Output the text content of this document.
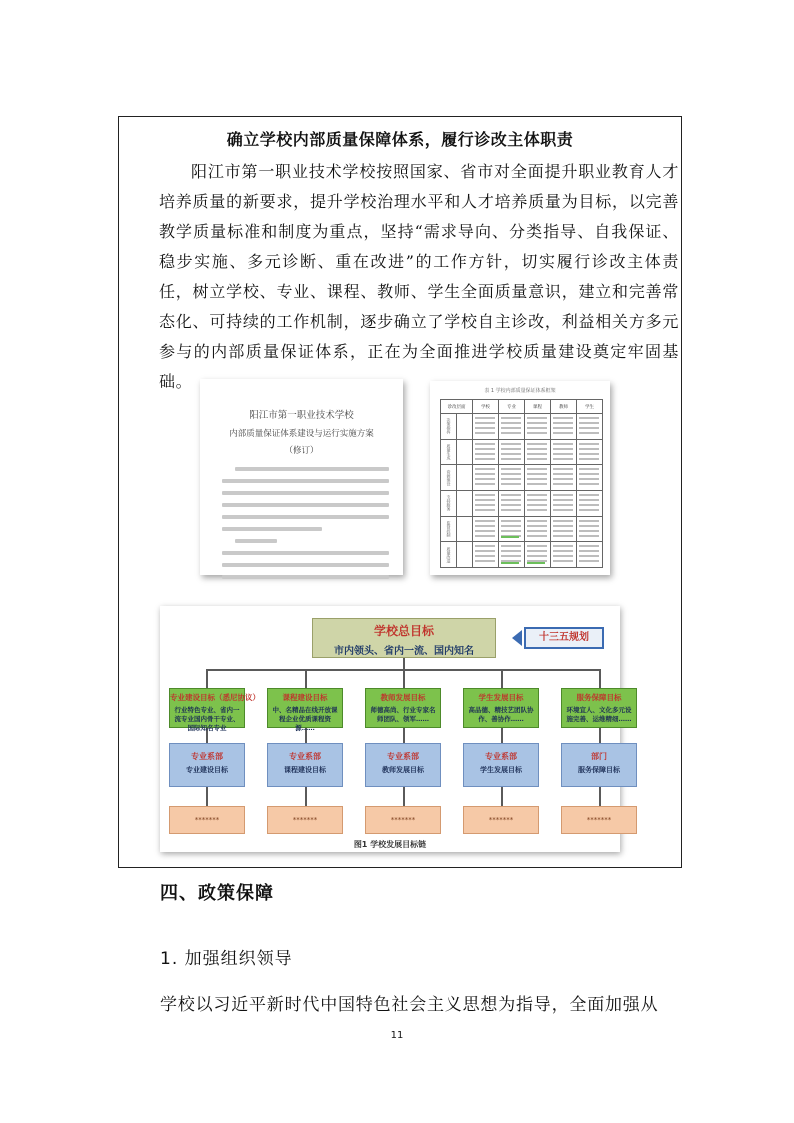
确立学校内部质量保障体系，履行诊改主体职责
阳江市第一职业技术学校按照国家、省市对全面提升职业教育人才培养质量的新要求，提升学校治理水平和人才培养质量为目标，以完善教学质量标准和制度为重点，坚持“需求导向、分类指导、自我保证、稳步实施、多元诊断、重在改进”的工作方针，切实履行诊改主体责任，树立学校、专业、课程、教师、学生全面质量意识，建立和完善常态化、可持续的工作机制，逐步确立了学校自主诊改，利益相关方多元参与的内部质量保证体系，正在为全面推进学校质量建设奠定牢固基础。
阳江市第一职业技术学校
内部质量保证体系建设与运行实施方案
（修订）
表 1 学校内部质量保证体系框架
诊改层面	学校	专业	课程	教师	学生
决策指挥
质量生成
资源建设
支持服务
监督控制
质量改进
学校总目标
市内领头、省内一流、国内知名
十三五规划
专业建设目标（悉尼协议）
行业特色专业、省内一流专业国内骨干专业、国际知名专业
专业系部
专业建设目标
*******
课程建设目标
中、名精品在线开放课程企业优质课程资源……
专业系部
课程建设目标
*******
教师发展目标
师德高尚、行业专家名师团队、领军……
专业系部
教师发展目标
*******
学生发展目标
高品德、精技艺团队协作、善协作……
专业系部
学生发展目标
*******
服务保障目标
环境宜人、文化多元设施完善、运维精细……
部门
服务保障目标
*******
图1 学校发展目标链
四、政策保障
1. 加强组织领导
学校以习近平新时代中国特色社会主义思想为指导，全面加强从
11
